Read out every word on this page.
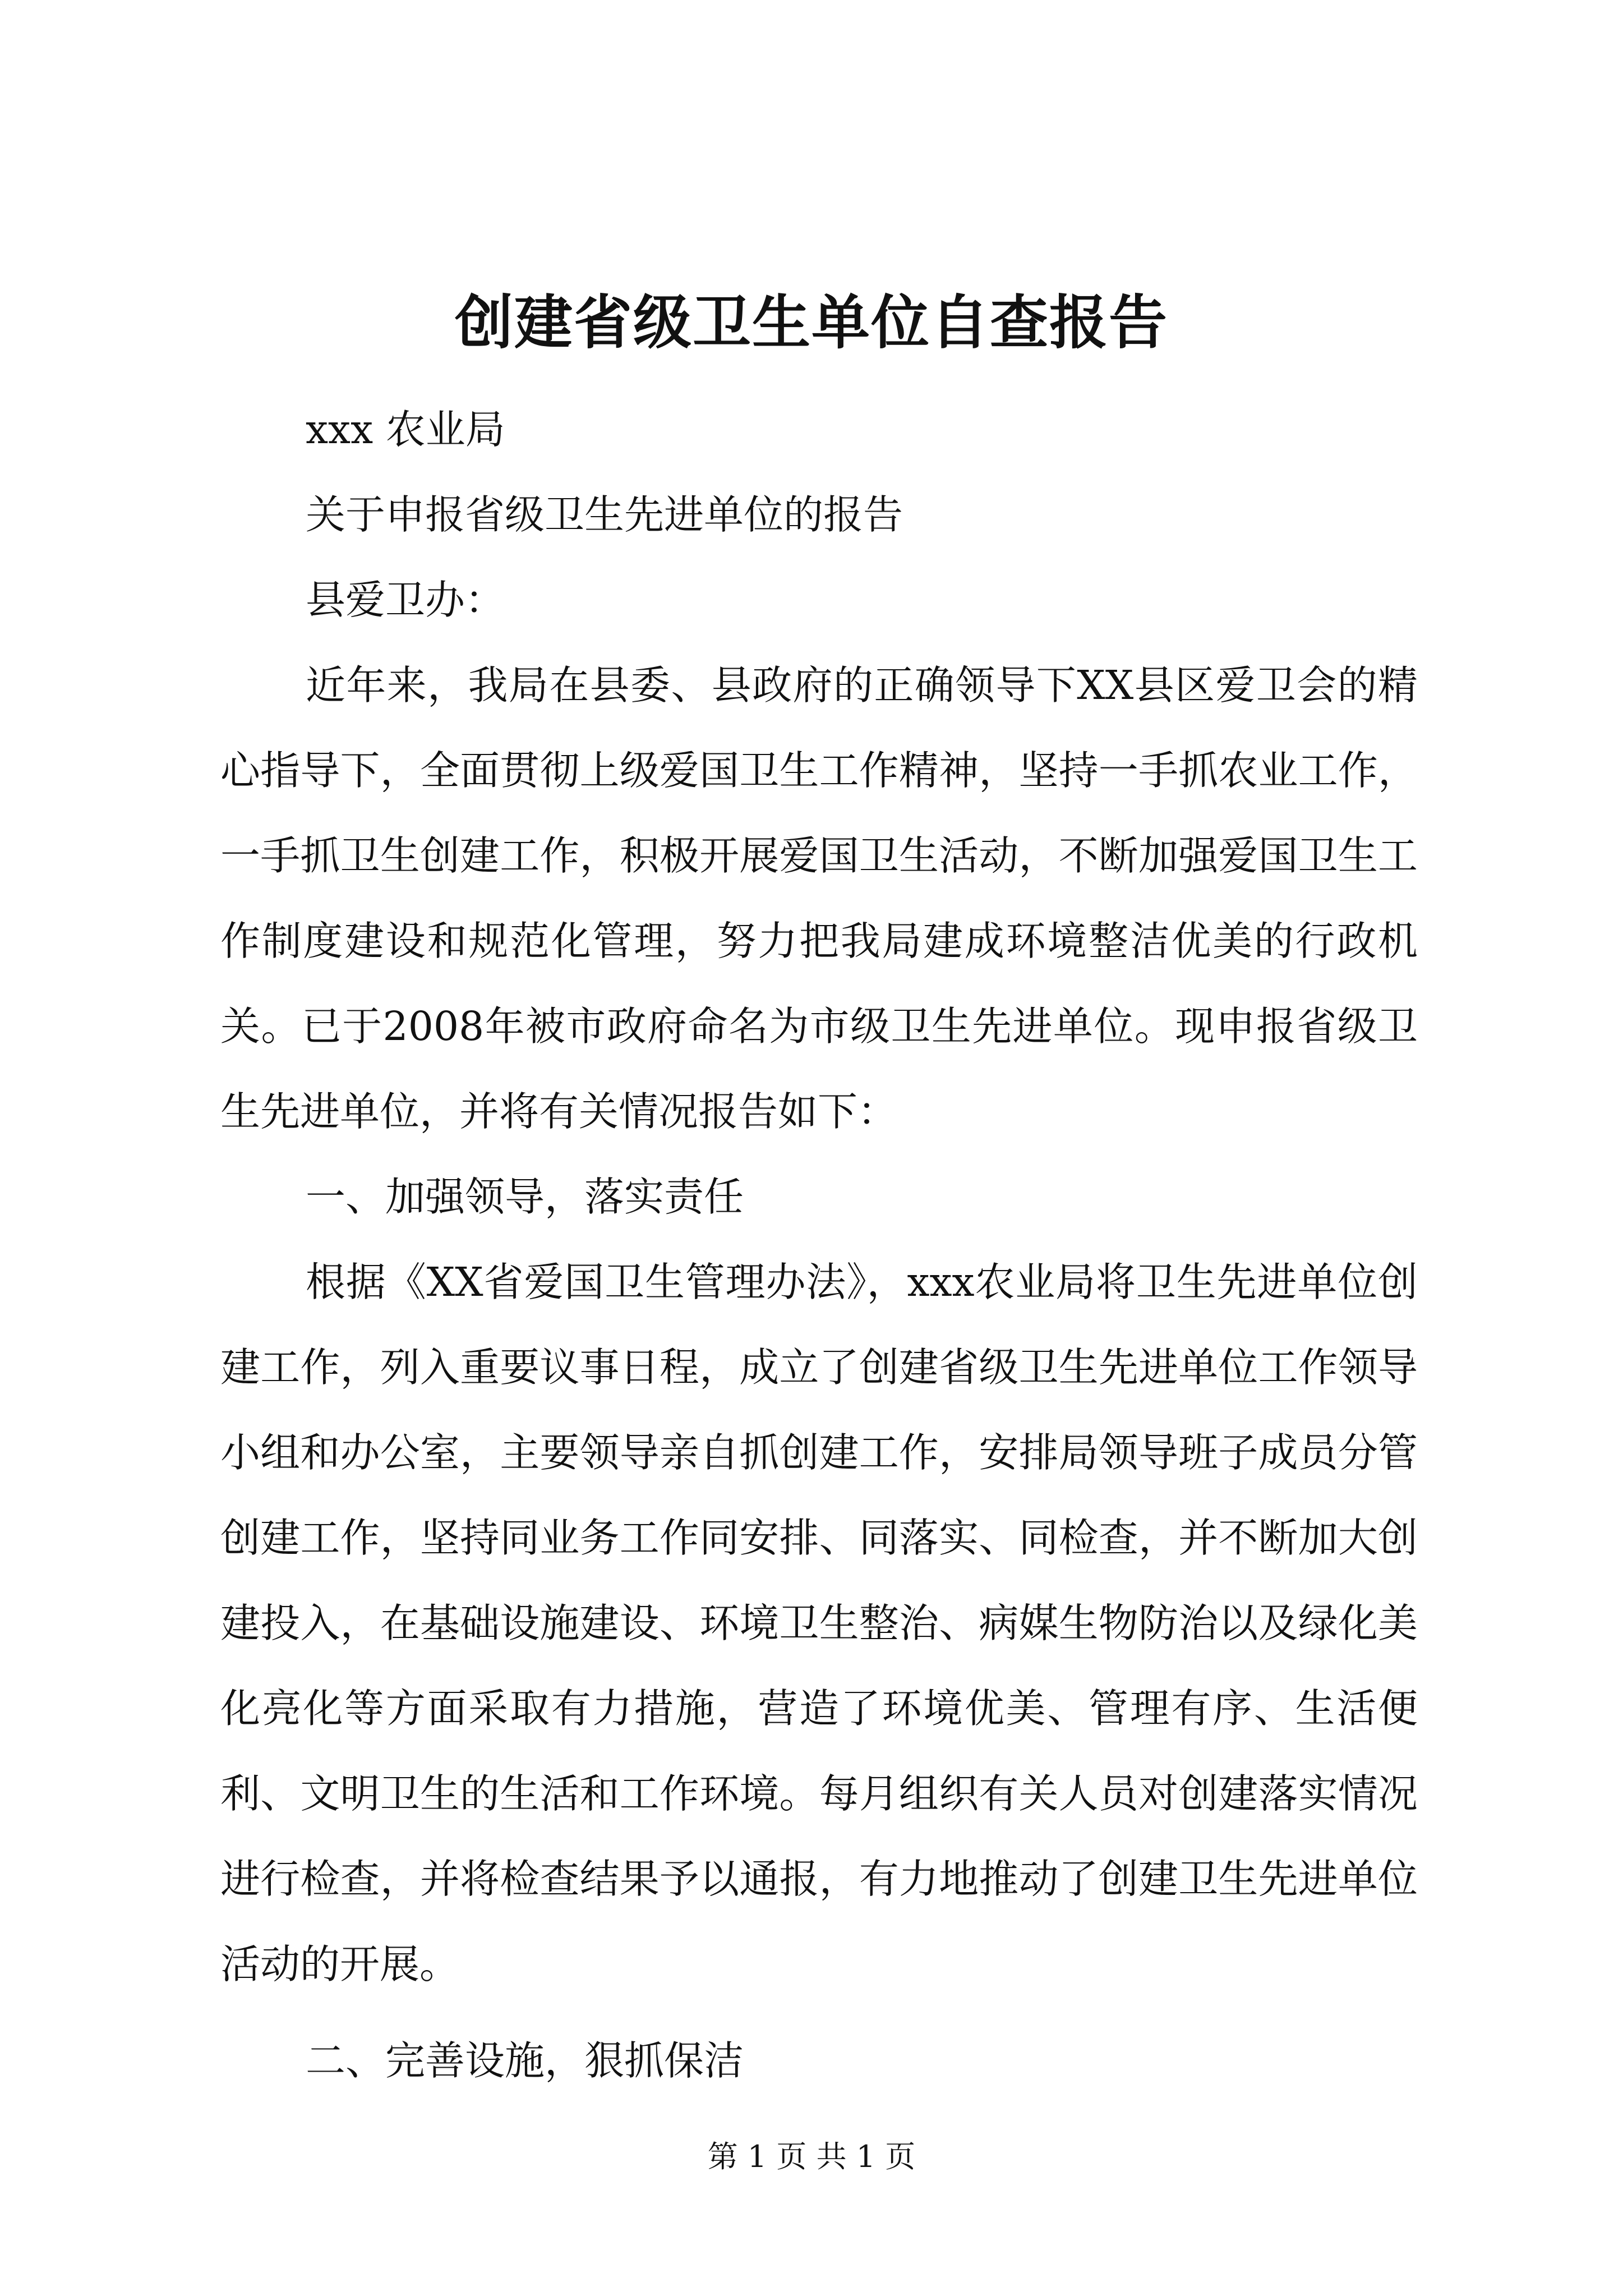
创建省级卫生单位自查报告

xxx 农业局

关于申报省级卫生先进单位的报告

县爱卫办：

近年来，我局在县委、县政府的正确领导下XX县区爱卫会的精心指导下，全面贯彻上级爱国卫生工作精神，坚持一手抓农业工作，一手抓卫生创建工作，积极开展爱国卫生活动，不断加强爱国卫生工作制度建设和规范化管理，努力把我局建成环境整洁优美的行政机关。已于2008年被市政府命名为市级卫生先进单位。现申报省级卫生先进单位，并将有关情况报告如下：

一、加强领导，落实责任

根据《XX省爱国卫生管理办法》，xxx农业局将卫生先进单位创建工作，列入重要议事日程，成立了创建省级卫生先进单位工作领导小组和办公室，主要领导亲自抓创建工作，安排局领导班子成员分管创建工作，坚持同业务工作同安排、同落实、同检查，并不断加大创建投入，在基础设施建设、环境卫生整治、病媒生物防治以及绿化美化亮化等方面采取有力措施，营造了环境优美、管理有序、生活便利、文明卫生的生活和工作环境。每月组织有关人员对创建落实情况进行检查，并将检查结果予以通报，有力地推动了创建卫生先进单位活动的开展。

二、完善设施，狠抓保洁

第 1 页 共 1 页
